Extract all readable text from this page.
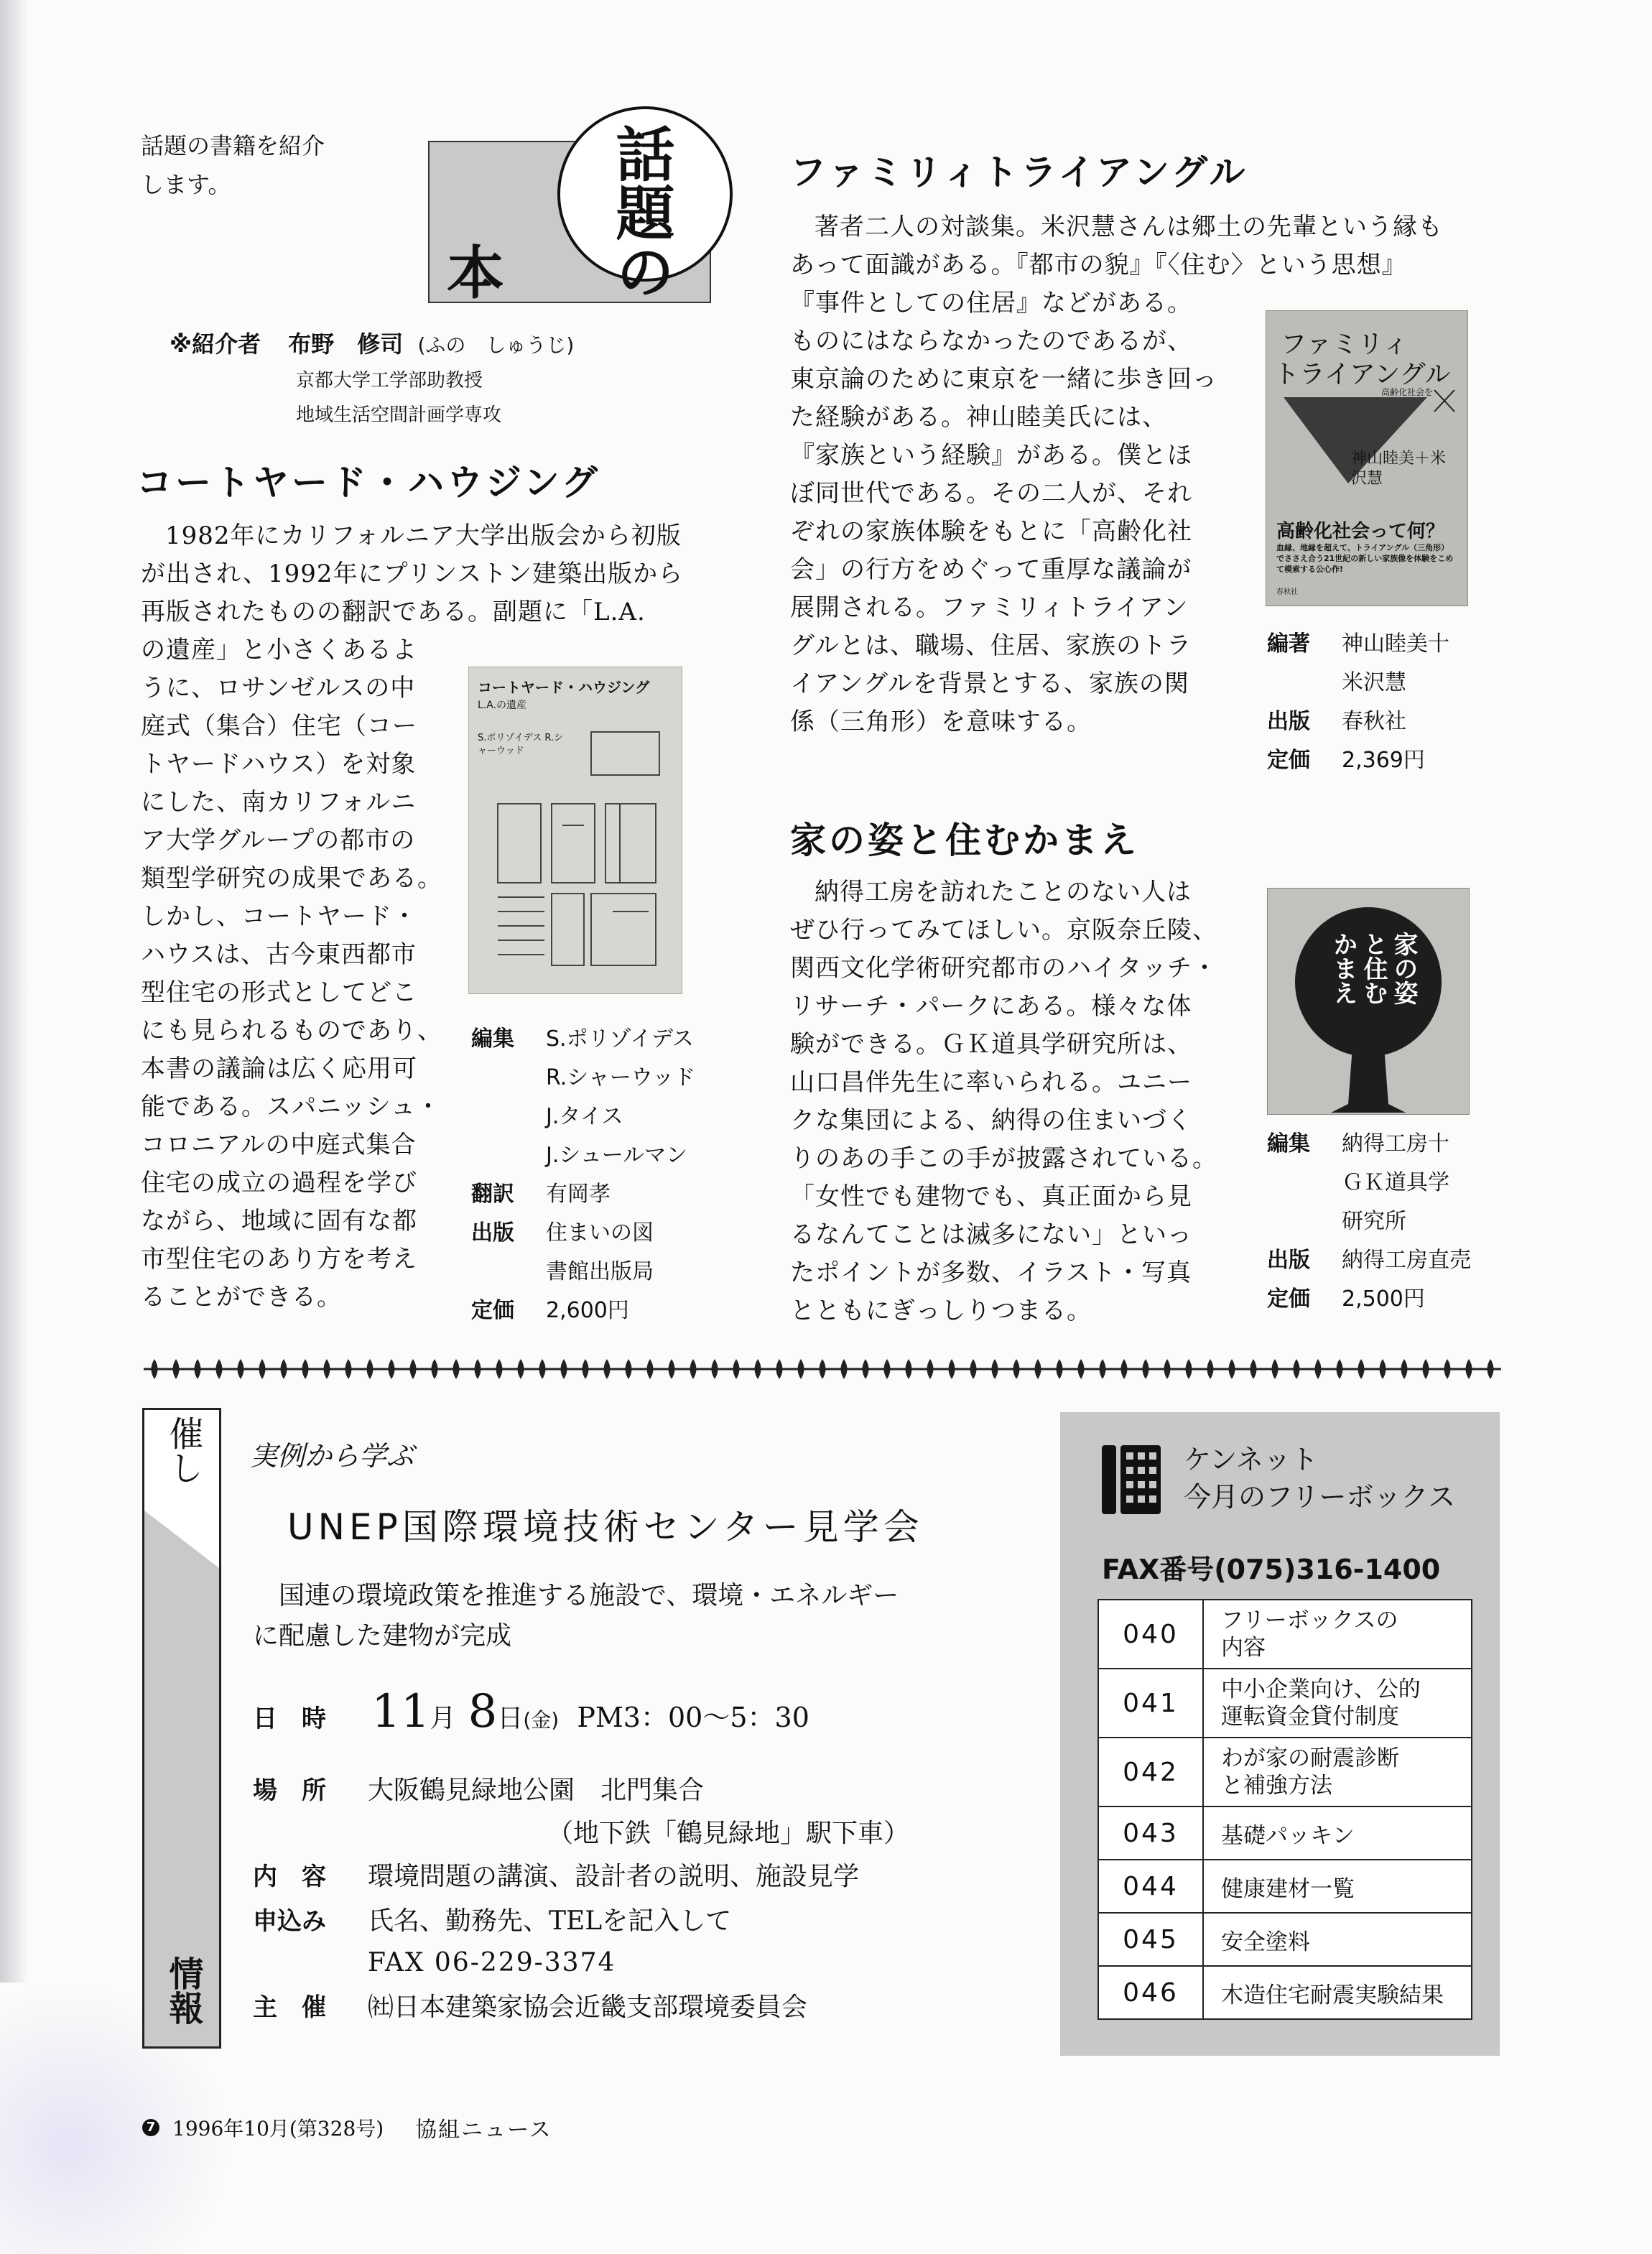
話題の書籍を紹介
します。
本 話題の
※紹介者 布野　修司 (ふの　しゅうじ)
京都大学工学部助教授
地域生活空間計画学専攻
コートヤード・ハウジング

1982年にカリフォルニア大学出版会から初版

が出され、1992年にプリンストン建築出版から

再版されたものの翻訳である。副題に「L.A.

の遺産」と小さくあるよ

うに、ロサンゼルスの中

庭式（集合）住宅（コー

トヤードハウス）を対象

にした、南カリフォルニ

ア大学グループの都市の

類型学研究の成果である。

しかし、コートヤード・

ハウスは、古今東西都市

型住宅の形式としてどこ

にも見られるものであり、

本書の議論は広く応用可

能である。スパニッシュ・

コロニアルの中庭式集合

住宅の成立の過程を学び

ながら、地域に固有な都

市型住宅のあり方を考え

ることができる。

コートヤード・ハウジング
L.A.の遺産
S.ポリゾイデス R.シャーウッド
編集	S.ポリゾイデス
R.シャーウッド
J.タイス
J.シュールマン
翻訳	有岡孝
出版	住まいの図
書館出版局
定価	2,600円
ファミリィトライアングル

著者二人の対談集。米沢慧さんは郷土の先輩という縁も

あって面識がある。『都市の貌』『〈住む〉という思想』

『事件としての住居』などがある。

ものにはならなかったのであるが、

東京論のために東京を一緒に歩き回っ

た経験がある。神山睦美氏には、

『家族という経験』がある。僕とほ

ぼ同世代である。その二人が、それ

ぞれの家族体験をもとに「高齢化社

会」の行方をめぐって重厚な議論が

展開される。ファミリィトライアン

グルとは、職場、住居、家族のトラ

イアングルを背景とする、家族の関

係（三角形）を意味する。

ファミリィ
トライアングル
高齢化社会を
神山睦美＋米沢慧
高齢化社会って何？
血縁、地縁を超えて、トライアングル（三角形）でささえ合う21世紀の新しい家族像を体験をこめて模索する公心作!
春秋社
編著	神山睦美十
米沢慧
出版	春秋社
定価	2,369円
家の姿と住むかまえ

納得工房を訪れたことのない人は

ぜひ行ってみてほしい。京阪奈丘陵、

関西文化学術研究都市のハイタッチ・

リサーチ・パークにある。様々な体

験ができる。ＧＫ道具学研究所は、

山口昌伴先生に率いられる。ユニー

クな集団による、納得の住まいづく

りのあの手この手が披露されている。

「女性でも建物でも、真正面から見

るなんてことは滅多にない」といっ

たポイントが多数、イラスト・写真

とともにぎっしりつまる。

かまえ と住む 家の姿
編集	納得工房十
ＧＫ道具学
研究所
出版	納得工房直売
定価	2,500円
催し
情報
実例から学ぶ
UNEP国際環境技術センター見学会
国連の環境政策を推進する施設で、環境・エネルギー
に配慮した建物が完成
日　時 11月 8日(金) PM3：00～5：30
場　所 大阪鶴見緑地公園　北門集合
（地下鉄「鶴見緑地」駅下車）
内　容 環境問題の講演、設計者の説明、施設見学
申込み 氏名、勤務先、TELを記入して
FAX 06-229-3374
主　催 ㈳日本建築家協会近畿支部環境委員会
ケンネット
今月のフリーボックス
FAX番号(075)316-1400
040	フリーボックスの
内容

041	中小企業向け、公的
運転資金貸付制度

042	わが家の耐震診断
と補強方法

043	基礎パッキン

044	健康建材一覧

045	安全塗料

046	木造住宅耐震実験結果
7 1996年10月(第328号) 協組ニュース
